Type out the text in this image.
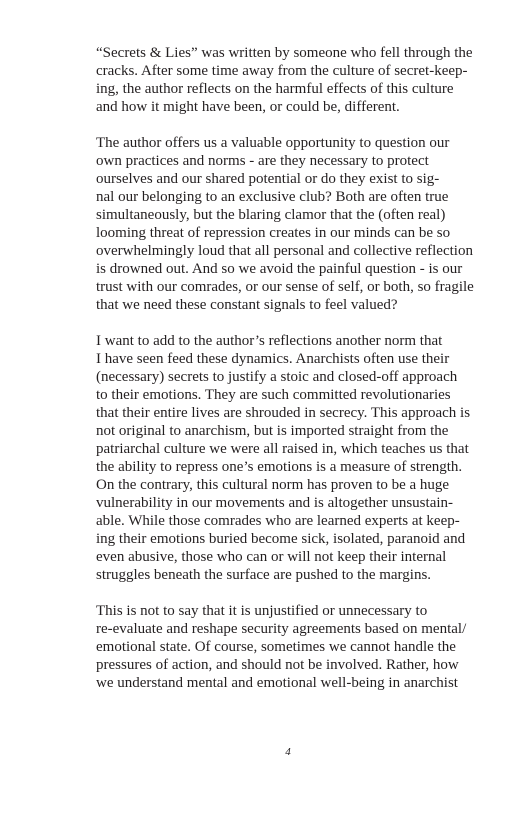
“Secrets & Lies” was written by someone who fell through the
cracks. After some time away from the culture of secret-keep-
ing, the author reflects on the harmful effects of this culture
and how it might have been, or could be, different.
The author offers us a valuable opportunity to question our
own practices and norms - are they necessary to protect
ourselves and our shared potential or do they exist to sig-
nal our belonging to an exclusive club? Both are often true
simultaneously, but the blaring clamor that the (often real)
looming threat of repression creates in our minds can be so
overwhelmingly loud that all personal and collective reflection
is drowned out. And so we avoid the painful question - is our
trust with our comrades, or our sense of self, or both, so fragile
that we need these constant signals to feel valued?
I want to add to the author’s reflections another norm that
I have seen feed these dynamics. Anarchists often use their
(necessary) secrets to justify a stoic and closed-off approach
to their emotions. They are such committed revolutionaries
that their entire lives are shrouded in secrecy. This approach is
not original to anarchism, but is imported straight from the
patriarchal culture we were all raised in, which teaches us that
the ability to repress one’s emotions is a measure of strength.
On the contrary, this cultural norm has proven to be a huge
vulnerability in our movements and is altogether unsustain-
able. While those comrades who are learned experts at keep-
ing their emotions buried become sick, isolated, paranoid and
even abusive, those who can or will not keep their internal
struggles beneath the surface are pushed to the margins.
This is not to say that it is unjustified or unnecessary to
re-evaluate and reshape security agreements based on mental/
emotional state. Of course, sometimes we cannot handle the
pressures of action, and should not be involved. Rather, how
we understand mental and emotional well-being in anarchist
4
